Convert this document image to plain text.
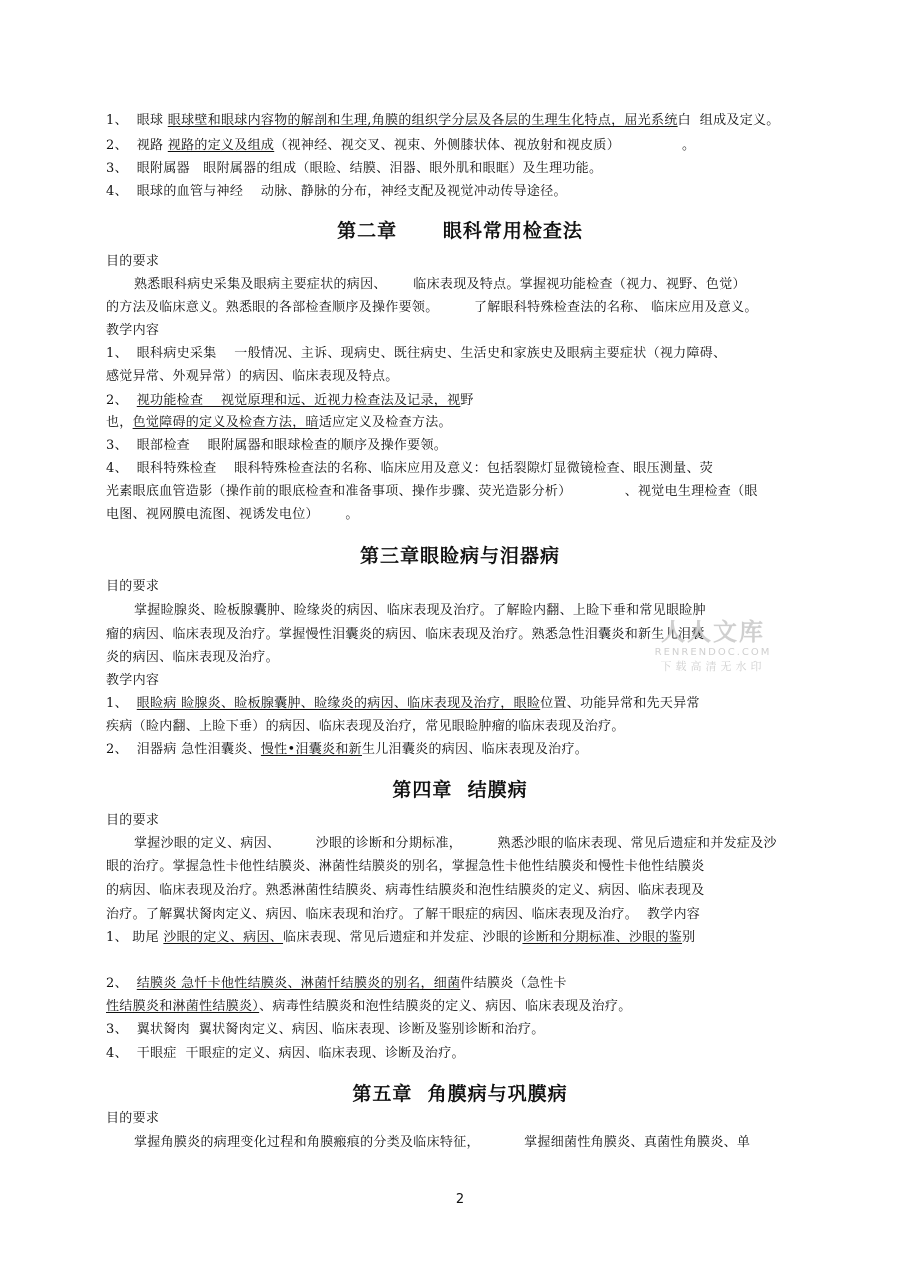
1、 眼球 眼球壁和眼球内容物的解剖和生理,角膜的组织学分层及各层的生理生化特点，屈光系统白  组成及定义。
2、 视路 视路的定义及组成（视神经、视交叉、视束、外侧膝状体、视放射和视皮质）              。
3、 眼附属器 眼附属器的组成（眼睑、结膜、泪器、眼外肌和眼眶）及生理功能。
4、 眼球的血管与神经 动脉、静脉的分布，神经支配及视觉冲动传导途径。
第二章      眼科常用检查法
目的要求
熟悉眼科病史采集及眼病主要症状的病因、      临床表现及特点。掌握视功能检查（视力、视野、色觉）
的方法及临床意义。熟悉眼的各部检查顺序及操作要领。        了解眼科特殊检查法的名称、 临床应用及意义。
教学内容
1、  眼科病史采集    一般情况、主诉、现病史、既往病史、生活史和家族史及眼病主要症状（视力障碍、
感觉异常、外观异常）的病因、临床表现及特点。
2、 视功能检查    视觉原理和远、近视力检查法及记录，视野
也，色觉障碍的定义及检查方法，暗适应定义及检查方法。
3、  眼部检查    眼附属器和眼球检查的顺序及操作要领。
4、  眼科特殊检查    眼科特殊检查法的名称、临床应用及意义：包括裂隙灯显微镜检查、眼压测量、荧
光素眼底血管造影（操作前的眼底检查和准备事项、操作步骤、荧光造影分析）            、视觉电生理检查（眼
电图、视网膜电流图、视诱发电位）      。
第三章眼睑病与泪器病
目的要求
掌握睑腺炎、睑板腺囊肿、睑缘炎的病因、临床表现及治疗。了解睑内翻、上睑下垂和常见眼睑肿
瘤的病因、临床表现及治疗。掌握慢性泪囊炎的病因、临床表现及治疗。熟悉急性泪囊炎和新生儿泪囊
炎的病因、临床表现及治疗。
教学内容
1、 眼睑病 睑腺炎、睑板腺囊肿、睑缘炎的病因、临床表现及治疗，眼睑位置、功能异常和先天异常
疾病（睑内翻、上睑下垂）的病因、临床表现及治疗，常见眼睑肿瘤的临床表现及治疗。
2、  泪器病 急性泪囊炎、慢性•泪囊炎和新生儿泪囊炎的病因、临床表现及治疗。
人人文库
RENRENDOC.COM
下载高清无水印
第四章  结膜病
目的要求
掌握沙眼的定义、病因、        沙眼的诊断和分期标准，        熟悉沙眼的临床表现、常见后遗症和并发症及沙
眼的治疗。掌握急性卡他性结膜炎、淋菌性结膜炎的别名，掌握急性卡他性结膜炎和慢性卡他性结膜炎
的病因、临床表现及治疗。熟悉淋菌性结膜炎、病毒性结膜炎和泡性结膜炎的定义、病因、临床表现及
治疗。了解翼状胬肉定义、病因、临床表现和治疗。了解干眼症的病因、临床表现及治疗。  教学内容
1、 助尾 沙眼的定义、病因、临床表现、常见后遗症和并发症、沙眼的诊断和分期标准、沙眼的鉴别
2、  结膜炎 急忏卡他性结膜炎、淋菌忏结膜炎的别名，细菌件结膜炎（急性卡
性结膜炎和淋菌性结膜炎）、病毒性结膜炎和泡性结膜炎的定义、病因、临床表现及治疗。
3、  翼状胬肉  翼状胬肉定义、病因、临床表现、诊断及鉴别诊断和治疗。
4、  干眼症  干眼症的定义、病因、临床表现、诊断及治疗。
第五章  角膜病与巩膜病
目的要求
掌握角膜炎的病理变化过程和角膜瘢痕的分类及临床特征，          掌握细菌性角膜炎、真菌性角膜炎、单
2
